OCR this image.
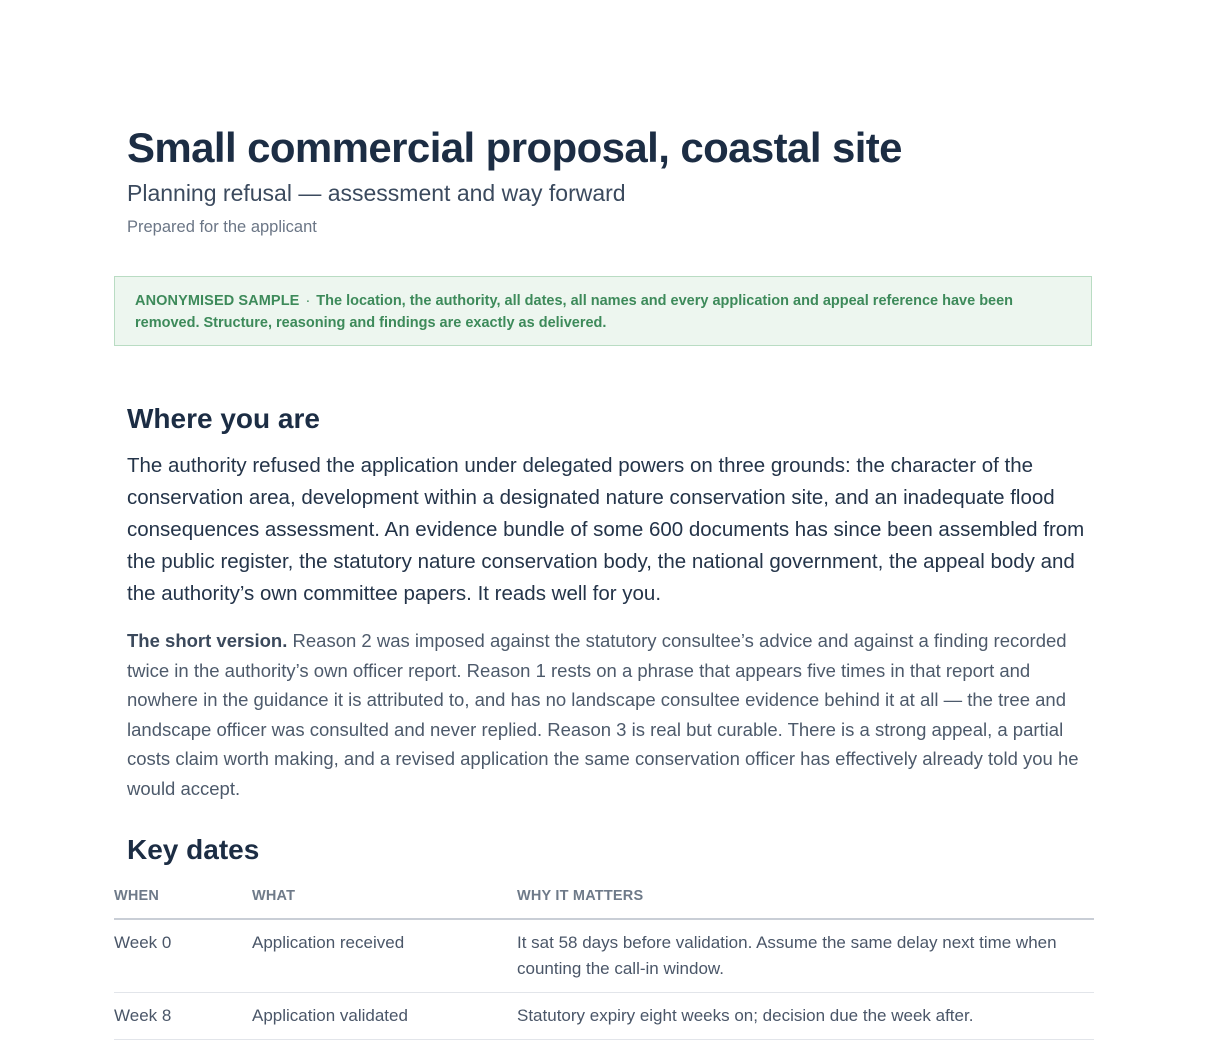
Small commercial proposal, coastal site

Planning refusal — assessment and way forward

Prepared for the applicant

ANONYMISED SAMPLE · The location, the authority, all dates, all names and every application and appeal reference have been removed. Structure, reasoning and findings are exactly as delivered.
Where you are

The authority refused the application under delegated powers on three grounds: the character of the conservation area, development within a designated nature conservation site, and an inadequate flood consequences assessment. An evidence bundle of some 600 documents has since been assembled from the public register, the statutory nature conservation body, the national government, the appeal body and the authority’s own committee papers. It reads well for you.

The short version. Reason 2 was imposed against the statutory consultee’s advice and against a finding recorded twice in the authority’s own officer report. Reason 1 rests on a phrase that appears five times in that report and nowhere in the guidance it is attributed to, and has no landscape consultee evidence behind it at all — the tree and landscape officer was consulted and never replied. Reason 3 is real but curable. There is a strong appeal, a partial costs claim worth making, and a revised application the same conservation officer has effectively already told you he would accept.

Key dates
WHEN	WHAT	WHY IT MATTERS
Week 0	Application received	It sat 58 days before validation. Assume the same delay next time when counting the call-in window.
Week 8	Application validated	Statutory expiry eight weeks on; decision due the week after.
